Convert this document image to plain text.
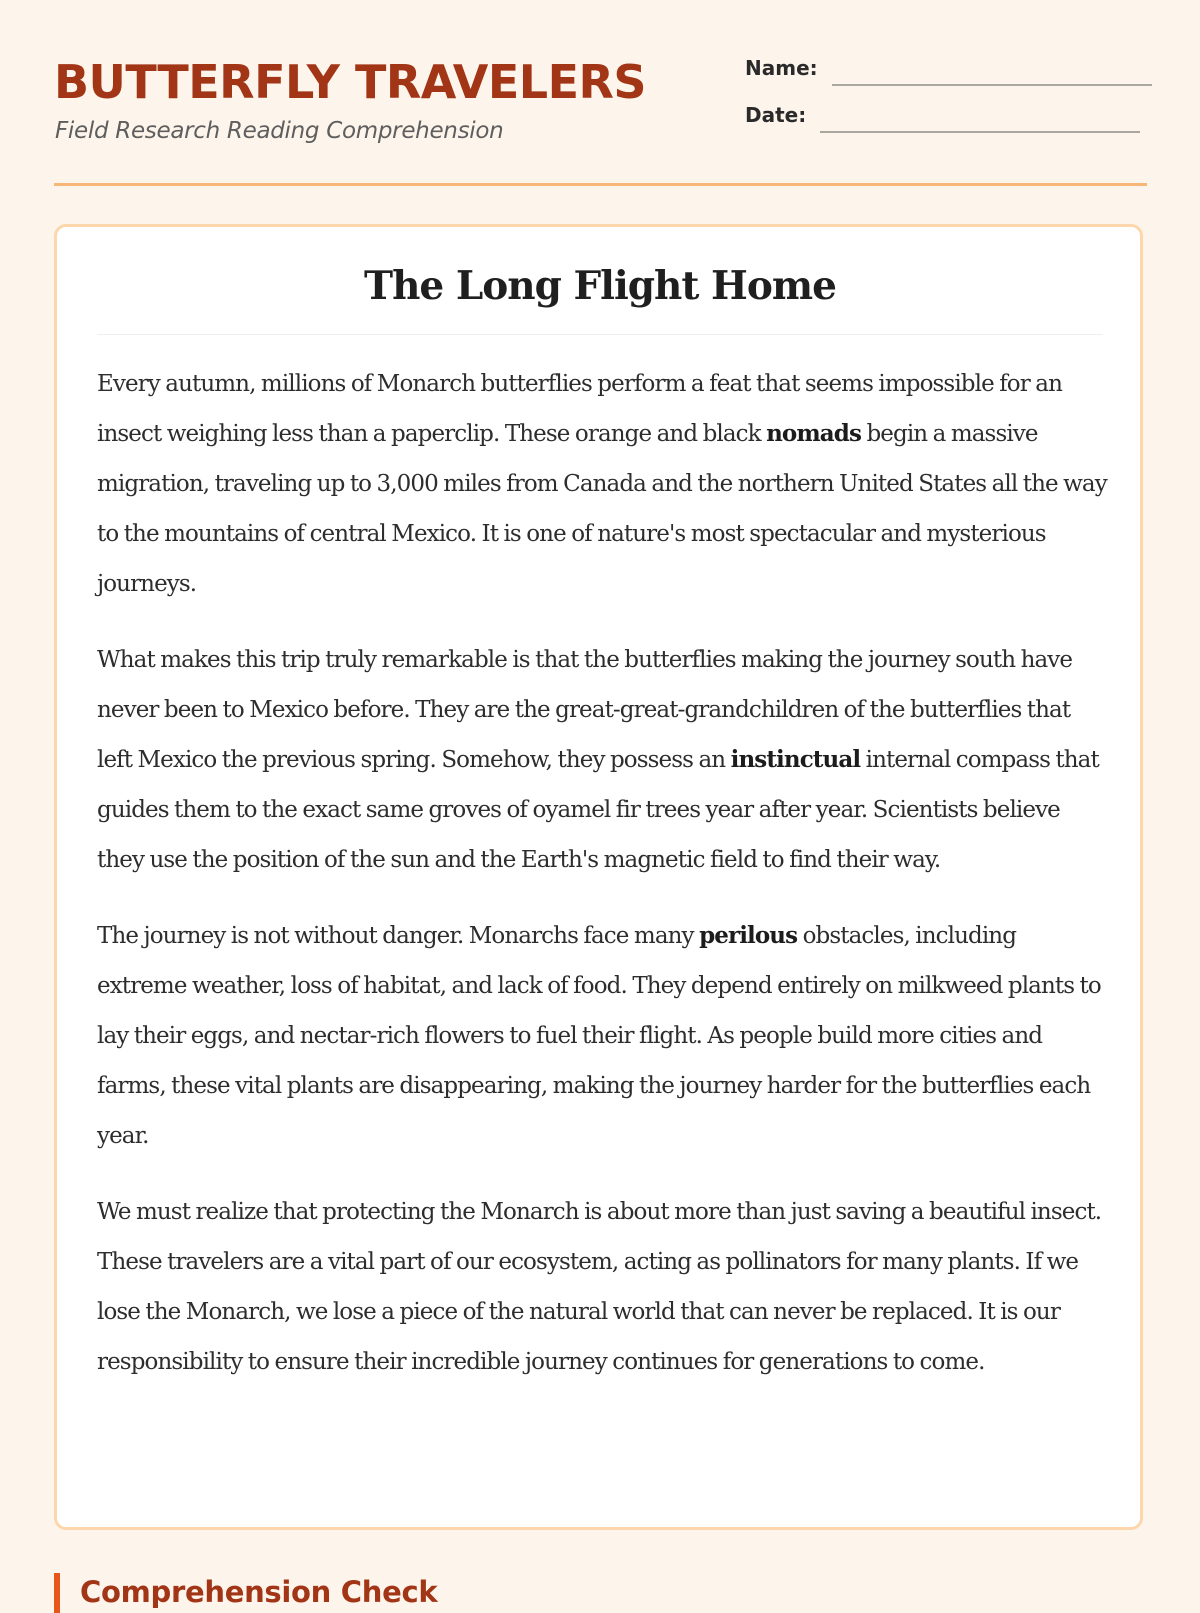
BUTTERFLY TRAVELERS
Field Research Reading Comprehension
Name:
Date:
The Long Flight Home

Every autumn, millions of Monarch butterflies perform a feat that seems impossible for an insect weighing less than a paperclip. These orange and black nomads begin a massive migration, traveling up to 3,000 miles from Canada and the northern United States all the way to the mountains of central Mexico. It is one of nature's most spectacular and mysterious journeys.

What makes this trip truly remarkable is that the butterflies making the journey south have never been to Mexico before. They are the great-great-grandchildren of the butterflies that left Mexico the previous spring. Somehow, they possess an instinctual internal compass that guides them to the exact same groves of oyamel fir trees year after year. Scientists believe they use the position of the sun and the Earth's magnetic field to find their way.

The journey is not without danger. Monarchs face many perilous obstacles, including extreme weather, loss of habitat, and lack of food. They depend entirely on milkweed plants to lay their eggs, and nectar-rich flowers to fuel their flight. As people build more cities and farms, these vital plants are disappearing, making the journey harder for the butterflies each year.

We must realize that protecting the Monarch is about more than just saving a beautiful insect. These travelers are a vital part of our ecosystem, acting as pollinators for many plants. If we lose the Monarch, we lose a piece of the natural world that can never be replaced. It is our responsibility to ensure their incredible journey continues for generations to come.

Comprehension Check
